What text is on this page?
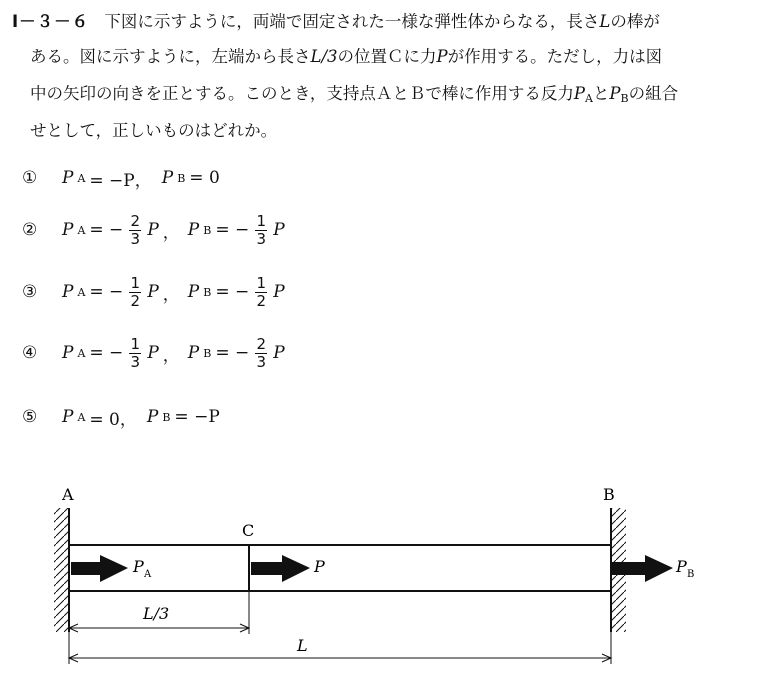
Ⅰ－３－６ 下図に示すように，両端で固定された一様な弾性体からなる，長さLの棒が
ある。図に示すように，左端から長さL/3の位置Ｃに力Pが作用する。ただし，力は図
中の矢印の向きを正とする。このとき，支持点ＡとＢで棒に作用する反力$P_A$と$P_B$の組合
せとして，正しいものはどれか。
①	P A = −P， P B = 0
②	P A = − $\frac{2}{3}$ P ， P B = − $\frac{1}{3}$ P
③	P A = − $\frac{1}{2}$ P ， P B = − $\frac{1}{2}$ P
④	P A = − $\frac{1}{3}$ P ， P B = − $\frac{2}{3}$ P
⑤	P A = 0， P B = −P
A	B
C
P A	P	P B
L/3
L
